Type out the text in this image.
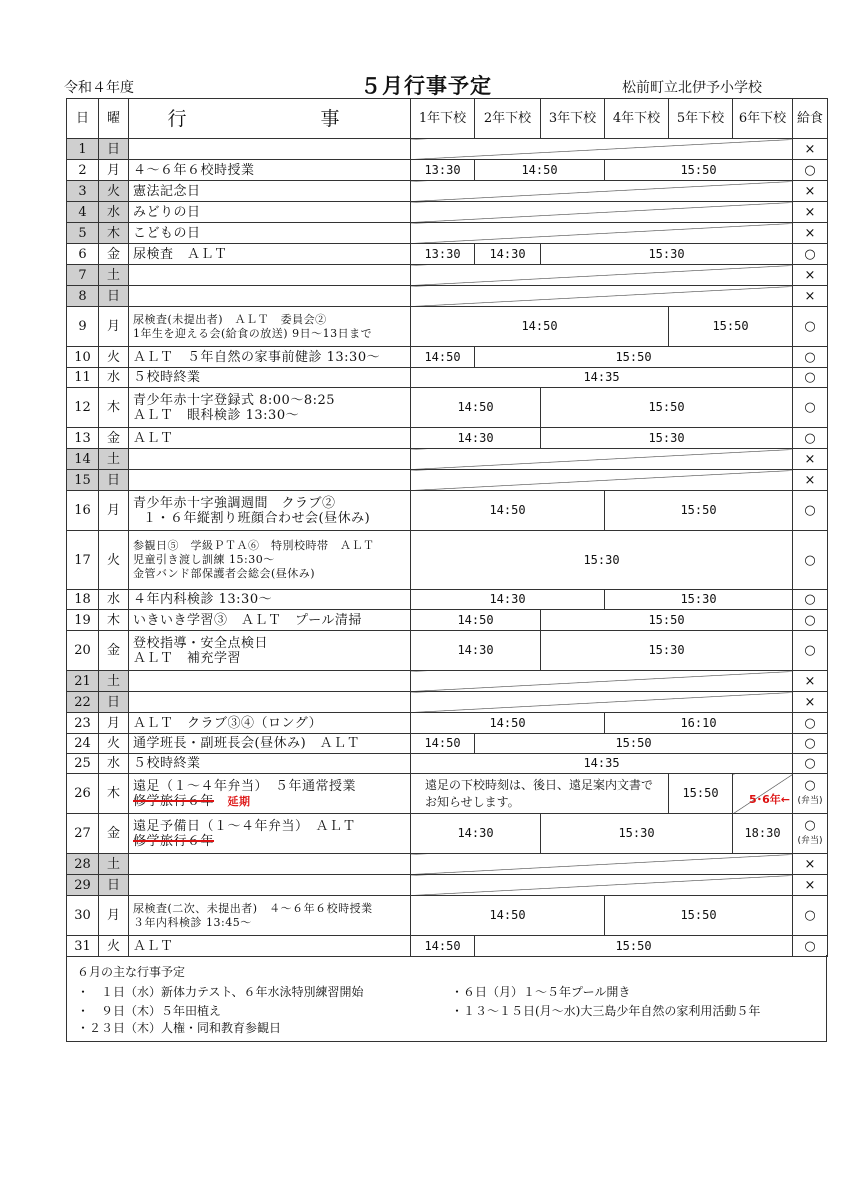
令和４年度	５月行事予定	松前町立北伊予小学校
日	曜	行　　事	1年下校	2年下校	3年下校	4年下校	5年下校	6年下校	給食
1	日								×
2	月	４～６年６校時授業	13:30	14:50		15:50			○
3	火	憲法記念日							×
4	水	みどりの日							×
5	木	こどもの日							×
6	金	尿検査　ＡＬＴ	13:30	14:30	15:30				○
7	土								×
8	日								×
9	月	尿検査(未提出者)　ＡＬＴ　委員会②
1年生を迎える会(給食の放送) 9日～13日まで	14:50				15:50		○
10	火	ＡＬＴ　５年自然の家事前健診 13:30～	14:50	15:50					○
11	水	５校時終業	14:35						○
12	木	青少年赤十字登録式 8:00～8:25
ＡＬＴ　眼科検診 13:30～	14:50		15:50				○
13	金	ＡＬＴ	14:30		15:30				○
14	土								×
15	日								×
16	月	青少年赤十字強調週間　クラブ②
１・６年縦割り班顔合わせ会(昼休み)	14:50			15:50			○
17	火	参観日⑤　学級ＰＴＡ⑥　特別校時帯　ＡＬＴ
児童引き渡し訓練 15:30～
金管バンド部保護者会総会(昼休み)	15:30						○
18	水	４年内科検診 13:30～	14:30			15:30			○
19	木	いきいき学習③　ＡＬＴ　プール清掃	14:50		15:50				○
20	金	登校指導・安全点検日
ＡＬＴ　補充学習	14:30		15:30				○
21	土								×
22	日								×
23	月	ＡＬＴ　クラブ③④（ロング）	14:50			16:10			○
24	火	通学班長・副班長会(昼休み)　ＡＬＴ	14:50	15:50					○
25	水	５校時終業	14:35						○
26	木	遠足（１～４年弁当）　５年通常授業
修学旅行６年　 延期	遠足の下校時刻は、後日、遠足案内文書でお知らせします。				15:50	5･6年←	○
(弁当)
27	金	遠足予備日（１～４年弁当）　ＡＬＴ
修学旅行６年	14:30		15:30			18:30	○
(弁当)
28	土								×
29	日								×
30	月	尿検査(二次、未提出者)　４～６年６校時授業
３年内科検診 13:45～	14:50			15:50			○
31	火	ＡＬＴ	14:50	15:50					○
６月の主な行事予定
・　１日（水）新体力テスト、６年水泳特別練習開始
・　９日（木）５年田植え
・２３日（木）人権・同和教育参観日
・６日（月）１～５年プール開き
・１３～１５日(月～水)大三島少年自然の家利用活動５年
